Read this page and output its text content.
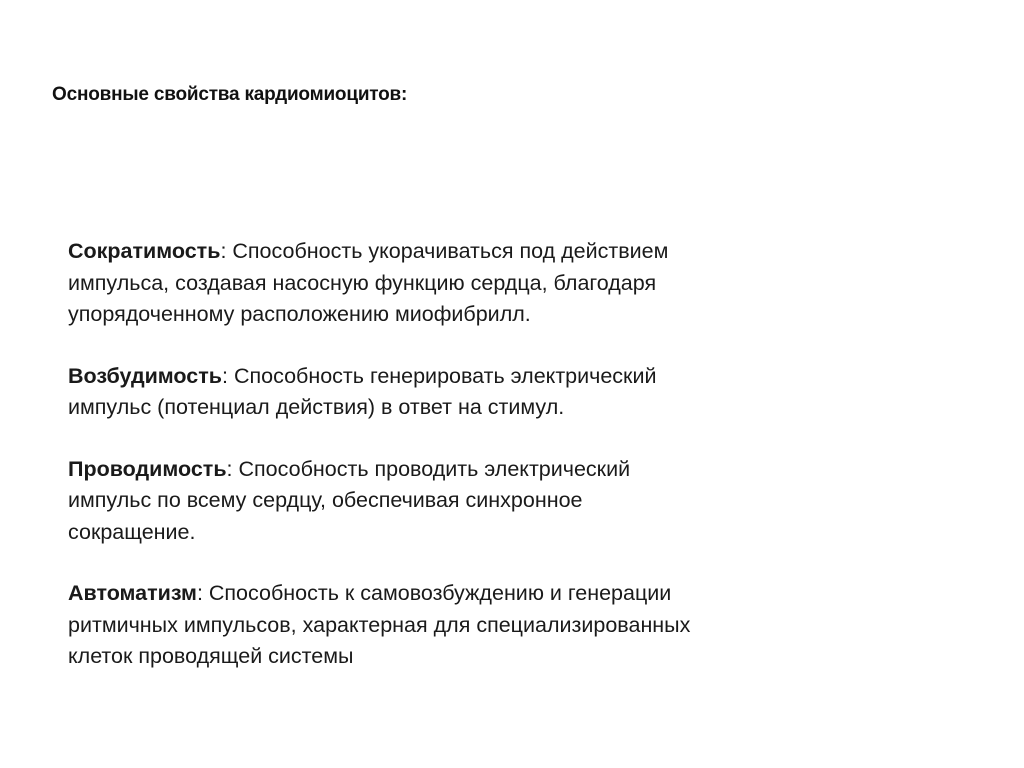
Основные свойства кардиомиоцитов:

Сократимость: Способность укорачиваться под действием
импульса, создавая насосную функцию сердца, благодаря
упорядоченному расположению миофибрилл.

Возбудимость: Способность генерировать электрический
импульс (потенциал действия) в ответ на стимул.

Проводимость: Способность проводить электрический
импульс по всему сердцу, обеспечивая синхронное
сокращение.

Автоматизм: Способность к самовозбуждению и генерации
ритмичных импульсов, характерная для специализированных
клеток проводящей системы
